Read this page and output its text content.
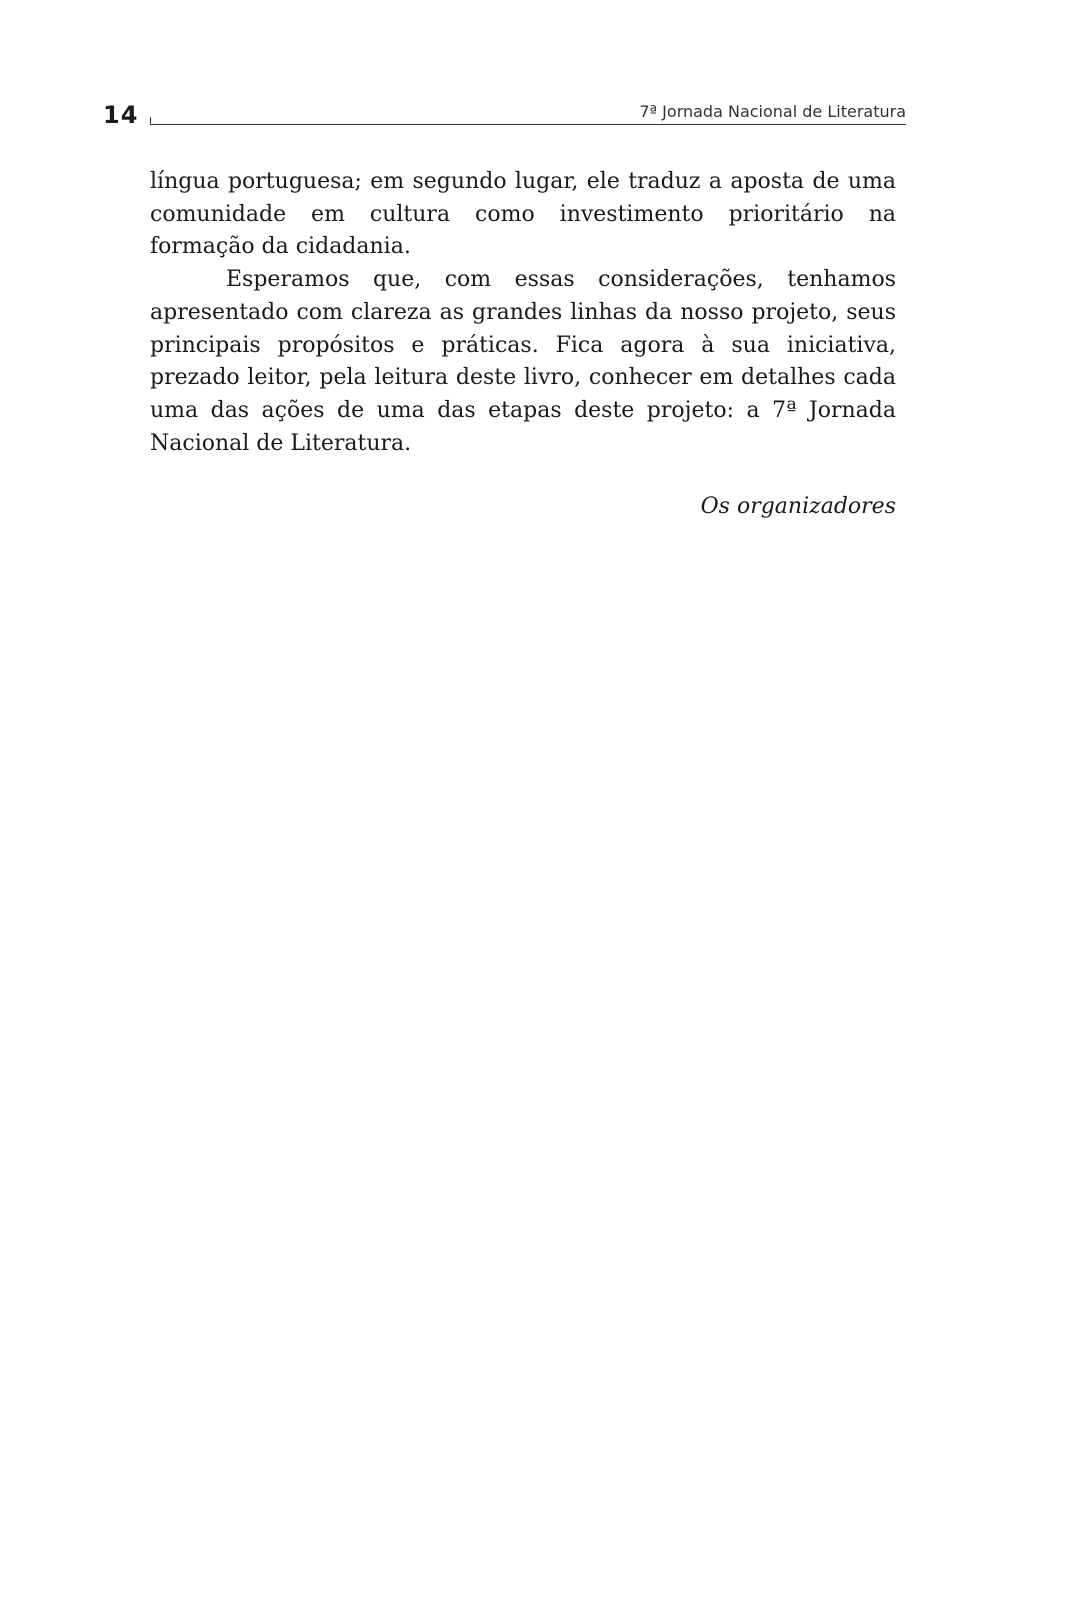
14	7ª Jornada Nacional de Literatura

língua portuguesa; em segundo lugar, ele traduz a aposta de uma comunidade em cultura como investimento prioritário na formação da cidadania.

Esperamos que, com essas considerações, tenhamos apresentado com clareza as grandes linhas da nosso projeto, seus principais propósitos e práticas. Fica agora à sua iniciativa, prezado leitor, pela leitura deste livro, conhecer em detalhes cada uma das ações de uma das etapas deste projeto: a 7ª Jornada Nacional de Literatura.

Os organizadores
